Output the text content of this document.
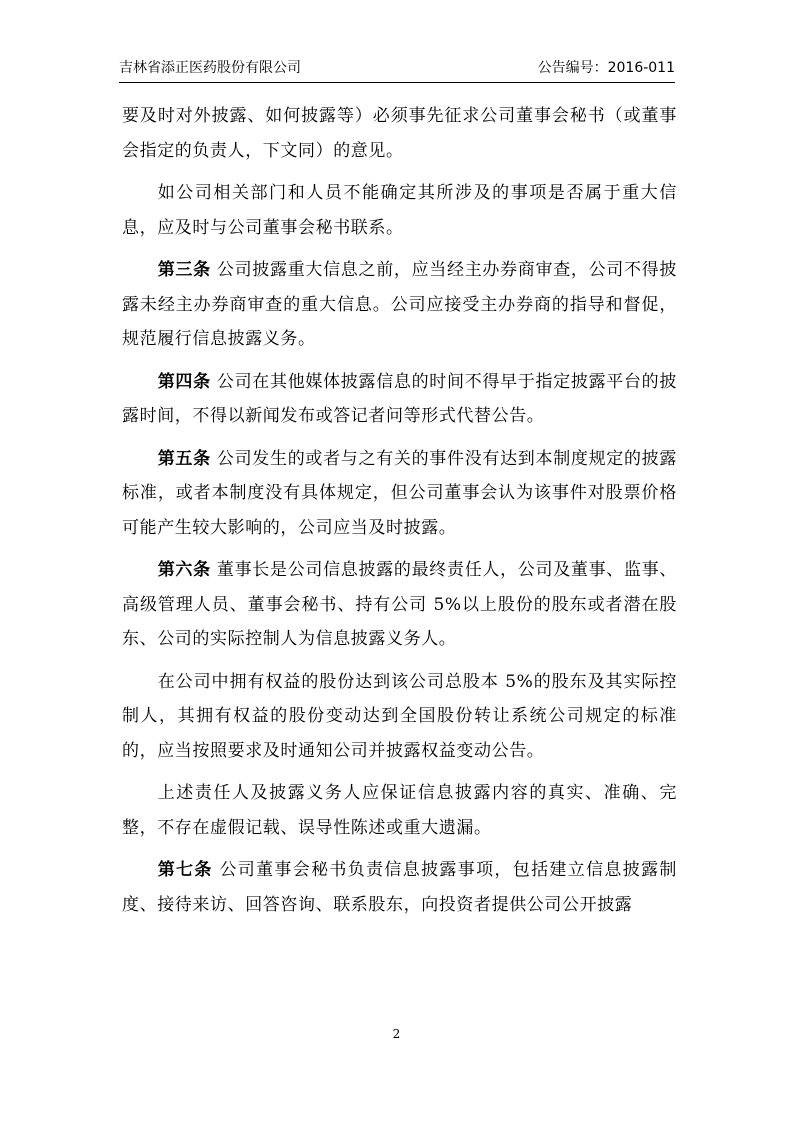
吉林省添正医药股份有限公司	公告编号：2016-011

要及时对外披露、如何披露等）必须事先征求公司董事会秘书（或董事会指定的负责人，下文同）的意见。

如公司相关部门和人员不能确定其所涉及的事项是否属于重大信息，应及时与公司董事会秘书联系。

第三条 公司披露重大信息之前，应当经主办券商审查，公司不得披露未经主办券商审查的重大信息。公司应接受主办券商的指导和督促，规范履行信息披露义务。

第四条 公司在其他媒体披露信息的时间不得早于指定披露平台的披露时间，不得以新闻发布或答记者问等形式代替公告。

第五条 公司发生的或者与之有关的事件没有达到本制度规定的披露标准，或者本制度没有具体规定，但公司董事会认为该事件对股票价格可能产生较大影响的，公司应当及时披露。

第六条 董事长是公司信息披露的最终责任人，公司及董事、监事、高级管理人员、董事会秘书、持有公司 5%以上股份的股东或者潜在股东、公司的实际控制人为信息披露义务人。

在公司中拥有权益的股份达到该公司总股本 5%的股东及其实际控制人，其拥有权益的股份变动达到全国股份转让系统公司规定的标准的，应当按照要求及时通知公司并披露权益变动公告。

上述责任人及披露义务人应保证信息披露内容的真实、准确、完整，不存在虚假记载、误导性陈述或重大遗漏。

第七条 公司董事会秘书负责信息披露事项，包括建立信息披露制度、接待来访、回答咨询、联系股东，向投资者提供公司公开披露

2
